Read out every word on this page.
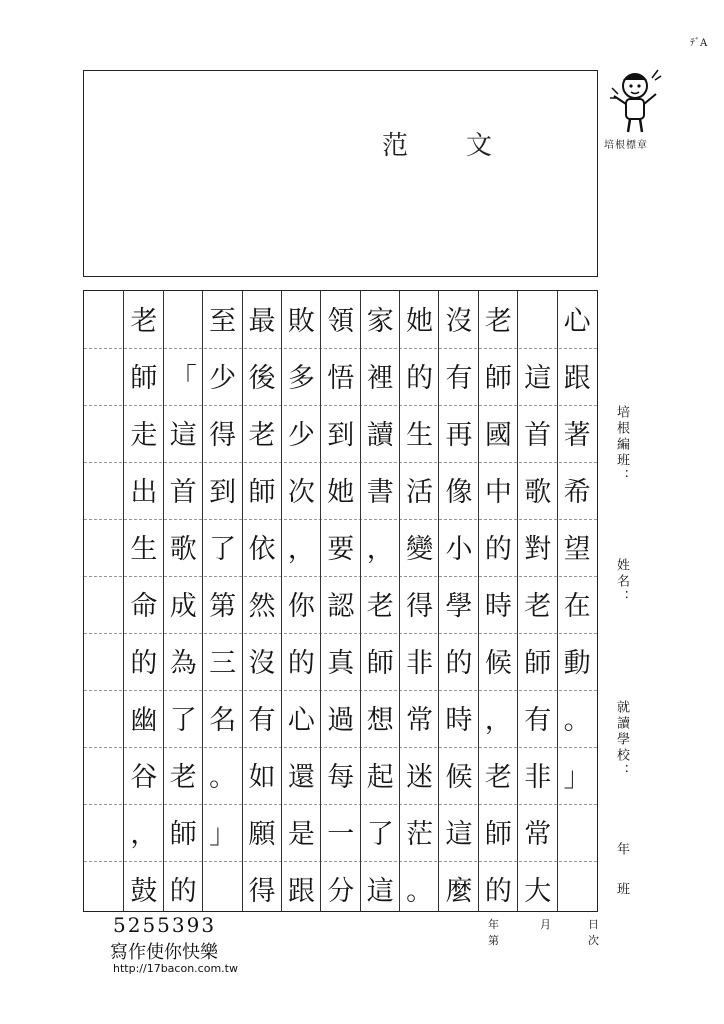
ﾃﾞA
范 文	培根標章
心
跟
著
希
望
在
動
。
」
這
首
歌
對
老
師
有
非
常
大
老
師
國
中
的
時
候
，
老
師
的
沒
有
再
像
小
學
的
時
候
這
麼
她
的
生
活
變
得
非
常
迷
茫
。
家
裡
讀
書
，
老
師
想
起
了
這
領
悟
到
她
要
認
真
過
每
一
分
敗
多
少
次
，
你
的
心
還
是
跟
最
後
老
師
依
然
沒
有
如
願
得
至
少
得
到
了
第
三
名
。
」
「
這
首
歌
成
為
了
老
師
的
老
師
走
出
生
命
的
幽
谷
，
鼓
培根編班：
姓名：
就讀學校：
年
班
年
第
月	日
次
5255393
寫作使你快樂
http://17bacon.com.tw
